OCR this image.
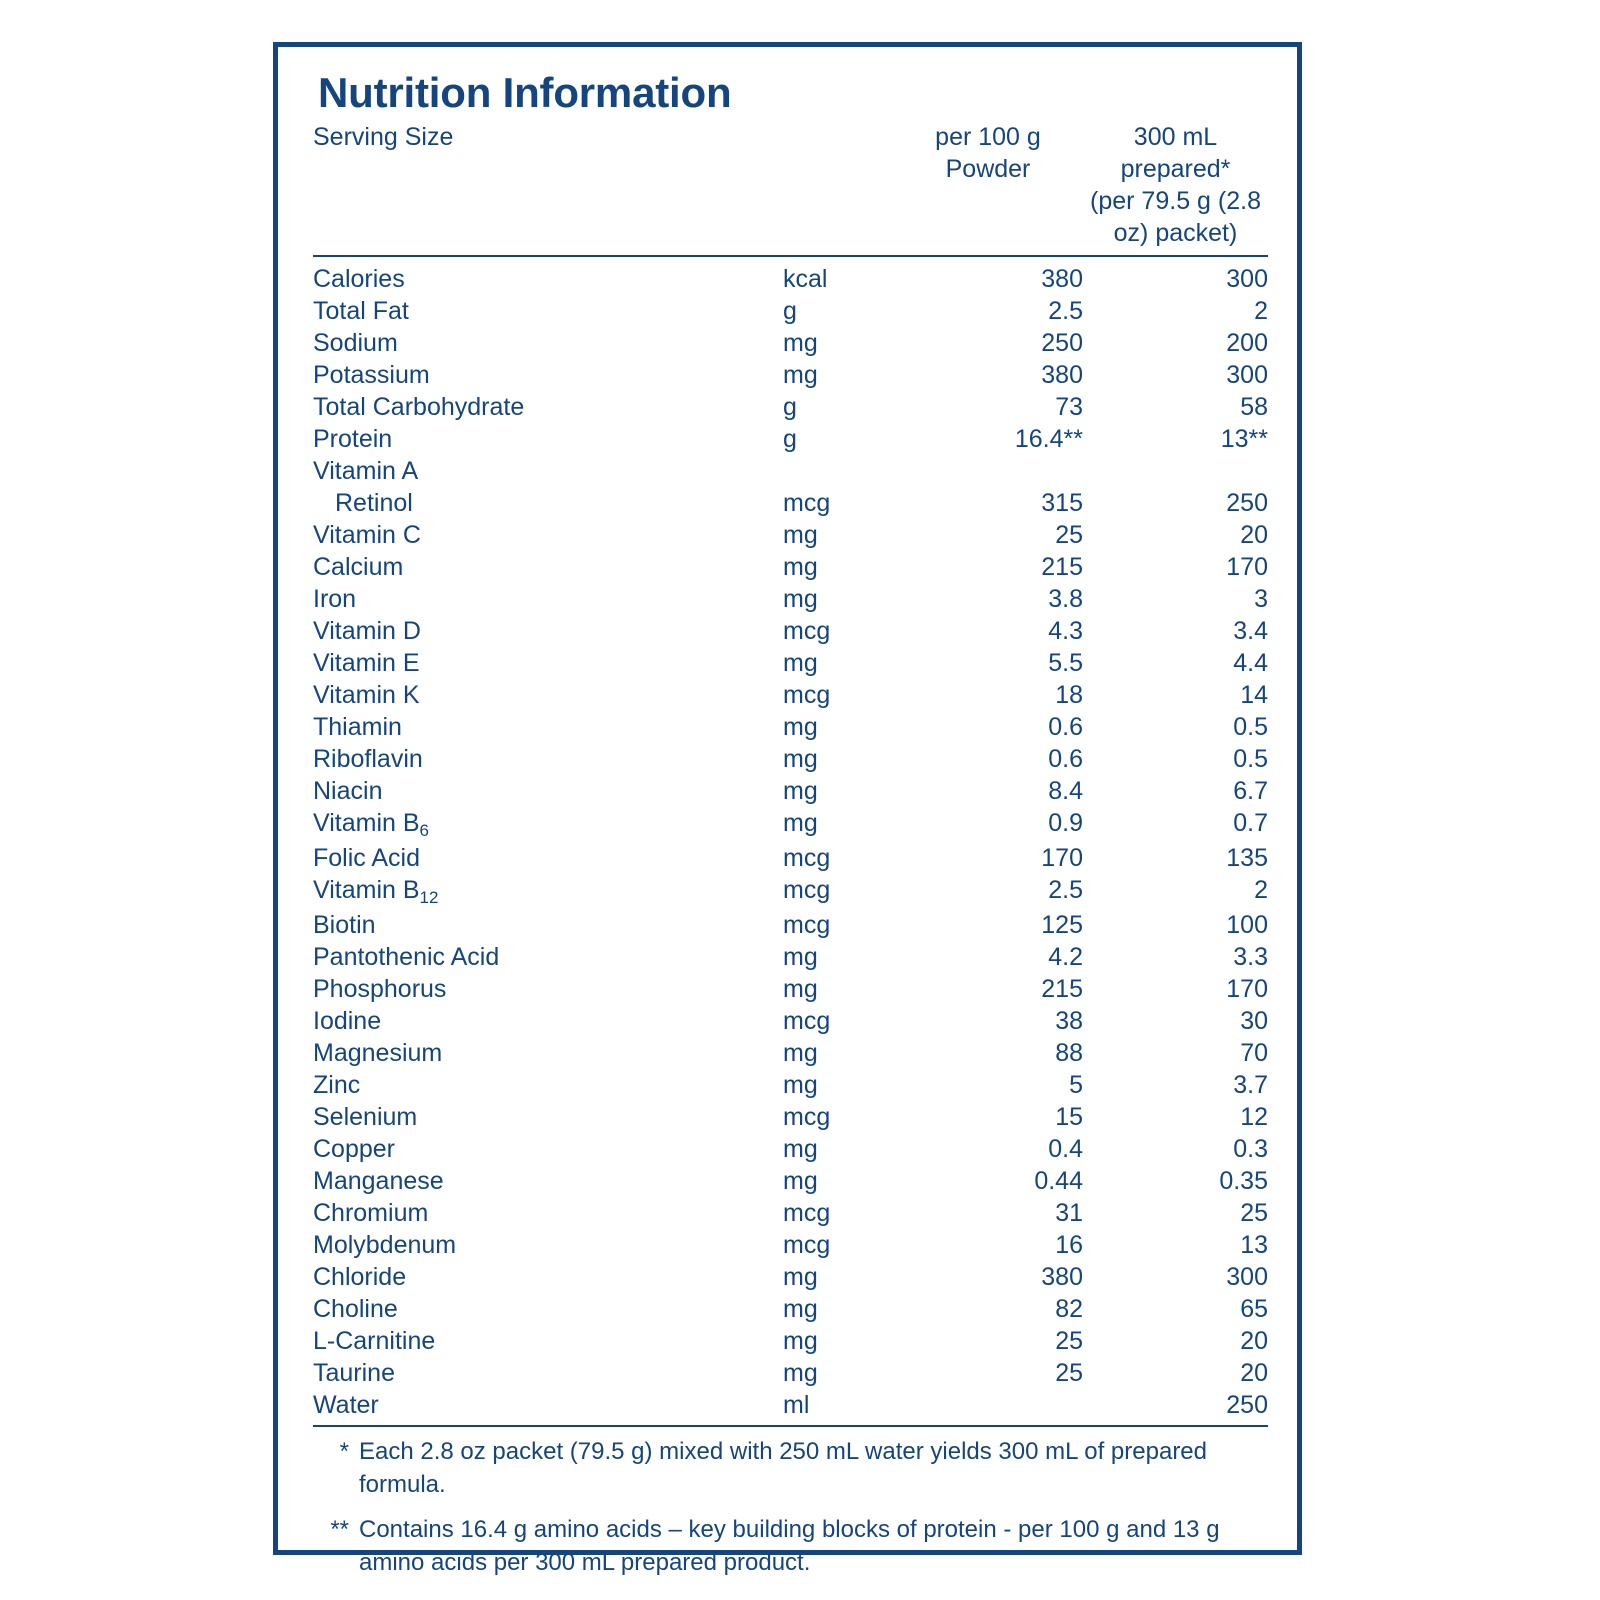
Nutrition Information
Serving Size		per 100 g Powder	300 mL prepared*
			(per 79.5 g (2.8 oz) packet)
Calories	kcal	380	300
Total Fat	g	2.5	2
Sodium	mg	250	200
Potassium	mg	380	300
Total Carbohydrate	g	73	58
Protein	g	16.4**	13**
Vitamin A			
Retinol	mcg	315	250
Vitamin C	mg	25	20
Calcium	mg	215	170
Iron	mg	3.8	3
Vitamin D	mcg	4.3	3.4
Vitamin E	mg	5.5	4.4
Vitamin K	mcg	18	14
Thiamin	mg	0.6	0.5
Riboflavin	mg	0.6	0.5
Niacin	mg	8.4	6.7
Vitamin $B_6$	mg	0.9	0.7
Folic Acid	mcg	170	135
Vitamin $B_{12}$	mcg	2.5	2
Biotin	mcg	125	100
Pantothenic Acid	mg	4.2	3.3
Phosphorus	mg	215	170
Iodine	mcg	38	30
Magnesium	mg	88	70
Zinc	mg	5	3.7
Selenium	mcg	15	12
Copper	mg	0.4	0.3
Manganese	mg	0.44	0.35
Chromium	mcg	31	25
Molybdenum	mcg	16	13
Chloride	mg	380	300
Choline	mg	82	65
L-Carnitine	mg	25	20
Taurine	mg	25	20
Water	ml		250
* Each 2.8 oz packet (79.5 g) mixed with 250 mL water yields 300 mL of prepared formula.
** Contains 16.4 g amino acids – key building blocks of protein - per 100 g and 13 g amino acids per 300 mL prepared product.
